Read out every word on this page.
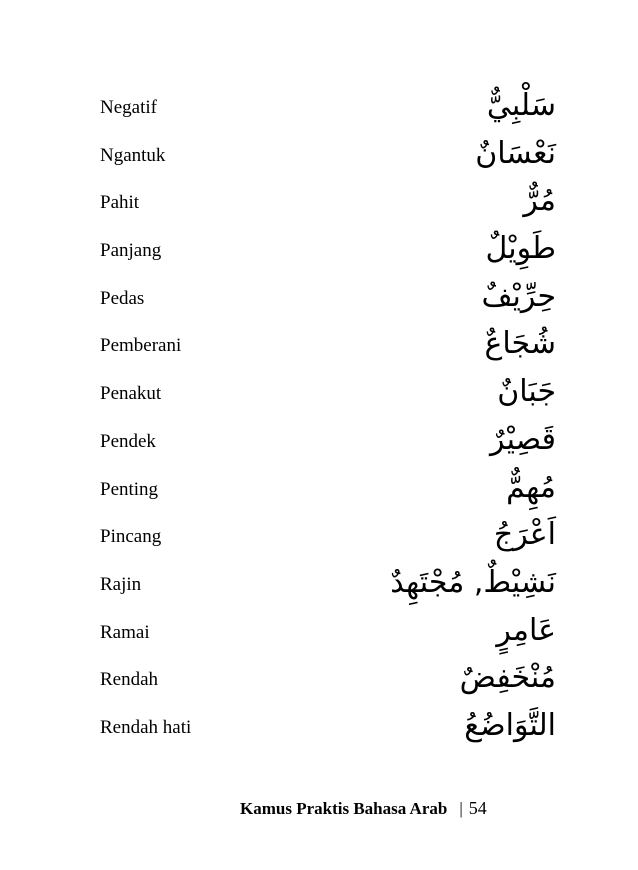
Negatif	سَلْبِيٌّ
Ngantuk	نَعْسَانٌ
Pahit	مُرٌّ
Panjang	طَوِيْلٌ
Pedas	حِرِّيْفٌ
Pemberani	شُجَاعٌ
Penakut	جَبَانٌ
Pendek	قَصِيْرٌ
Penting	مُهِمٌّ
Pincang	اَعْرَجُ
Rajin	نَشِيْطٌ, مُجْتَهِدٌ
Ramai	عَامِرٍ
Rendah	مُنْخَفِضٌ
Rendah hati	التَّوَاضُعُ
Kamus Praktis Bahasa Arab | 54
